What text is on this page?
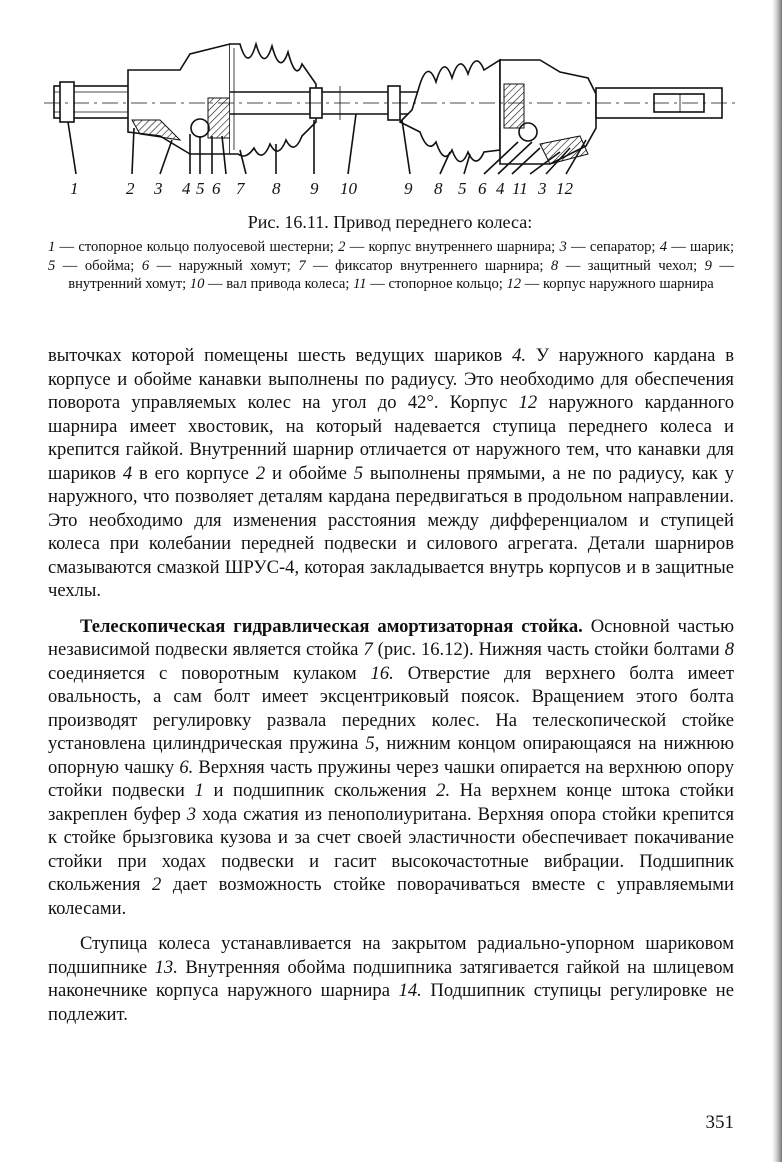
1	2 3 4 5 6 7 8 9 10	9 8 5 6 4 11 3 12
Рис. 16.11. Привод переднего колеса:
1 — стопорное кольцо полуосевой шестерни; 2 — корпус внутреннего шарнира; 3 — сепаратор; 4 — шарик; 5 — обойма; 6 — наружный хомут; 7 — фиксатор внутреннего шарнира; 8 — защитный чехол; 9 — внутренний хомут; 10 — вал привода колеса; 11 — стопорное кольцо; 12 — корпус наружного шарнира

выточках которой помещены шесть ведущих шариков 4. У наружного кардана в корпусе и обойме канавки выполнены по радиусу. Это необходимо для обеспечения поворота управляемых колес на угол до 42°. Корпус 12 наружного карданного шарнира имеет хвостовик, на который надевается ступица переднего колеса и крепится гайкой. Внутренний шарнир отличается от наружного тем, что канавки для шариков 4 в его корпусе 2 и обойме 5 выполнены прямыми, а не по радиусу, как у наружного, что позволяет деталям кардана передвигаться в продольном направлении. Это необходимо для изменения расстояния между дифференциалом и ступицей колеса при колебании передней подвески и силового агрегата. Детали шарниров смазываются смазкой ШРУС-4, которая закладывается внутрь корпусов и в защитные чехлы.

Телескопическая гидравлическая амортизаторная стойка. Основной частью независимой подвески является стойка 7 (рис. 16.12). Нижняя часть стойки болтами 8 соединяется с поворотным кулаком 16. Отверстие для верхнего болта имеет овальность, а сам болт имеет эксцентриковый поясок. Вращением этого болта производят регулировку развала передних колес. На телескопической стойке установлена цилиндрическая пружина 5, нижним концом опирающаяся на нижнюю опорную чашку 6. Верхняя часть пружины через чашки опирается на верхнюю опору стойки подвески 1 и подшипник скольжения 2. На верхнем конце штока стойки закреплен буфер 3 хода сжатия из пенополиуритана. Верхняя опора стойки крепится к стойке брызговика кузова и за счет своей эластичности обеспечивает покачивание стойки при ходах подвески и гасит высокочастотные вибрации. Подшипник скольжения 2 дает возможность стойке поворачиваться вместе с управляемыми колесами.

Ступица колеса устанавливается на закрытом радиально-упорном шариковом подшипнике 13. Внутренняя обойма подшипника затягивается гайкой на шлицевом наконечнике корпуса наружного шарнира 14. Подшипник ступицы регулировке не подлежит.

351
